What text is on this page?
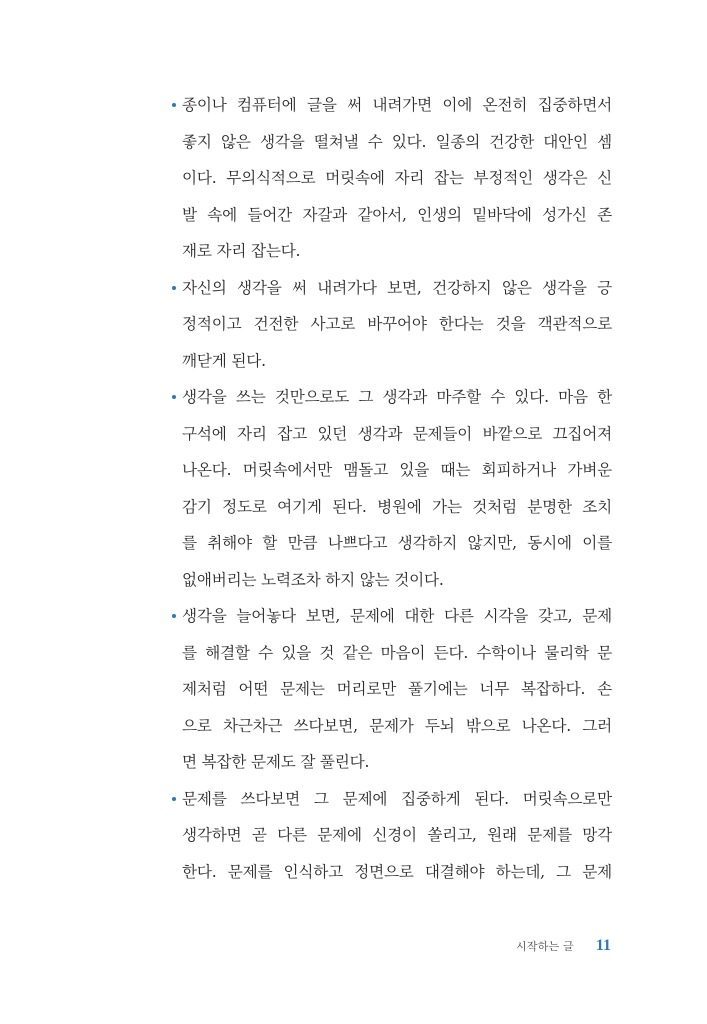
종이나 컴퓨터에 글을 써 내려가면 이에 온전히 집중하면서
좋지 않은 생각을 떨쳐낼 수 있다. 일종의 건강한 대안인 셈
이다. 무의식적으로 머릿속에 자리 잡는 부정적인 생각은 신
발 속에 들어간 자갈과 같아서, 인생의 밑바닥에 성가신 존
재로 자리 잡는다.
자신의 생각을 써 내려가다 보면, 건강하지 않은 생각을 긍
정적이고 건전한 사고로 바꾸어야 한다는 것을 객관적으로
깨닫게 된다.
생각을 쓰는 것만으로도 그 생각과 마주할 수 있다. 마음 한
구석에 자리 잡고 있던 생각과 문제들이 바깥으로 끄집어져
나온다. 머릿속에서만 맴돌고 있을 때는 회피하거나 가벼운
감기 정도로 여기게 된다. 병원에 가는 것처럼 분명한 조치
를 취해야 할 만큼 나쁘다고 생각하지 않지만, 동시에 이를
없애버리는 노력조차 하지 않는 것이다.
생각을 늘어놓다 보면, 문제에 대한 다른 시각을 갖고, 문제
를 해결할 수 있을 것 같은 마음이 든다. 수학이나 물리학 문
제처럼 어떤 문제는 머리로만 풀기에는 너무 복잡하다. 손
으로 차근차근 쓰다보면, 문제가 두뇌 밖으로 나온다. 그러
면 복잡한 문제도 잘 풀린다.
문제를 쓰다보면 그 문제에 집중하게 된다. 머릿속으로만
생각하면 곧 다른 문제에 신경이 쏠리고, 원래 문제를 망각
한다. 문제를 인식하고 정면으로 대결해야 하는데, 그 문제
시작하는 글 11
